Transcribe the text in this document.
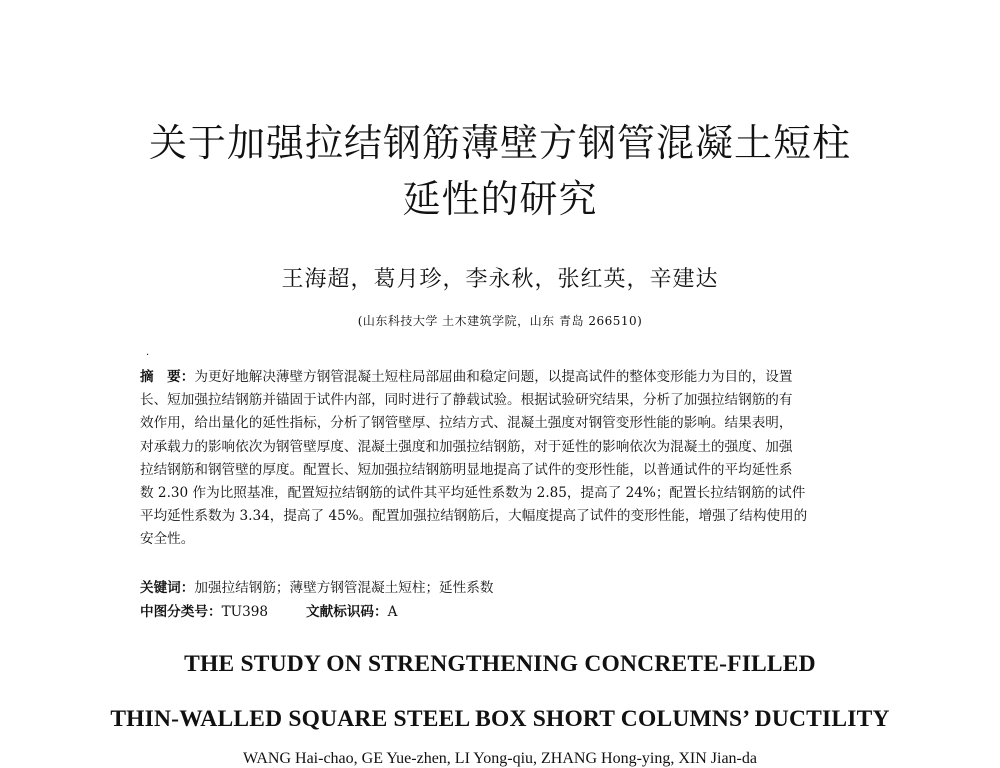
关于加强拉结钢筋薄壁方钢管混凝土短柱
延性的研究
王海超，葛月珍，李永秋，张红英，辛建达
(山东科技大学 土木建筑学院，山东 青岛 266510)
·
摘　要：为更好地解决薄壁方钢管混凝土短柱局部屈曲和稳定问题，以提高试件的整体变形能力为目的，设置
长、短加强拉结钢筋并锚固于试件内部，同时进行了静载试验。根据试验研究结果，分析了加强拉结钢筋的有
效作用，给出量化的延性指标，分析了钢管壁厚、拉结方式、混凝土强度对钢管变形性能的影响。结果表明，
对承载力的影响依次为钢管壁厚度、混凝土强度和加强拉结钢筋，对于延性的影响依次为混凝土的强度、加强
拉结钢筋和钢管壁的厚度。配置长、短加强拉结钢筋明显地提高了试件的变形性能，以普通试件的平均延性系
数 2.30 作为比照基准，配置短拉结钢筋的试件其平均延性系数为 2.85，提高了 24%；配置长拉结钢筋的试件
平均延性系数为 3.34，提高了 45%。配置加强拉结钢筋后，大幅度提高了试件的变形性能，增强了结构使用的
安全性。
关键词：加强拉结钢筋；薄壁方钢管混凝土短柱；延性系数
中图分类号：TU398	文献标识码：A
THE STUDY ON STRENGTHENING CONCRETE-FILLED
THIN-WALLED SQUARE STEEL BOX SHORT COLUMNS’ DUCTILITY
WANG Hai-chao, GE Yue-zhen, LI Yong-qiu, ZHANG Hong-ying, XIN Jian-da
